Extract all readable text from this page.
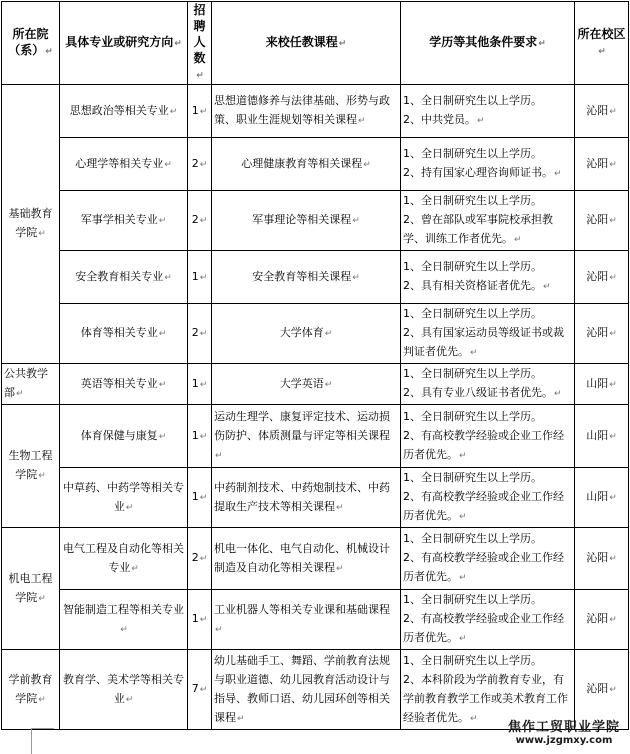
所在院（系）↵	具体专业或研究方向↵	招聘人数↵	来校任教课程↵	学历等其他条件要求↵	所在校区↵
基础教育学院↵	思想政治等相关专业↵	1↵	思想道德修养与法律基础、形势与政策、职业生涯规划等相关课程↵	1、全日制研究生以上学历。
2、中共党员。↵	沁阳↵
	心理学等相关专业↵	2↵	心理健康教育等相关课程↵	1、全日制研究生以上学历。
2、持有国家心理咨询师证书。↵	沁阳↵
	军事学相关专业↵	2↵	军事理论等相关课程↵	1、全日制研究生以上学历。
2、曾在部队或军事院校承担教学、训练工作者优先。↵	沁阳↵
	安全教育相关专业↵	1↵	安全教育等相关课程↵	1、全日制研究生以上学历。
2、具有相关资格证者优先。↵	沁阳↵
	体育等相关专业↵	2↵	大学体育↵	1、全日制研究生以上学历。
2、具有国家运动员等级证书或裁判证者优先。↵	沁阳↵
公共教学部↵	英语等相关专业↵	1↵	大学英语↵	1、全日制研究生以上学历。
2、具有专业八级证书者优先。↵	山阳↵
生物工程学院↵	体育保健与康复↵	1↵	运动生理学、康复评定技术、运动损伤防护、体质测量与评定等相关课程↵	1、全日制研究生以上学历。
2、有高校教学经验或企业工作经历者优先。↵	山阳↵
	中草药、中药学等相关专业↵	1↵	中药制剂技术、中药炮制技术、中药提取生产技术等相关课程↵	1、全日制研究生以上学历。
2、有高校教学经验或企业工作经历者优先。↵	山阳↵
机电工程学院↵	电气工程及自动化等相关专业↵	2↵	机电一体化、电气自动化、机械设计制造及自动化等相关课程↵	1、全日制研究生以上学历。
2、有高校教学经验或企业工作经历者优先。↵	沁阳↵
	智能制造工程等相关专业↵	1↵	工业机器人等相关专业课和基础课程↵	1、全日制研究生以上学历。
2、有高校教学经验或企业工作经历者优先。↵	沁阳↵
学前教育学院↵	教育学、美术学等相关专业↵	7↵	幼儿基础手工、舞蹈、学前教育法规与职业道德、幼儿园教育活动设计与指导、教师口语、幼儿园环创等相关课程↵	1、全日制研究生以上学历。
2、本科阶段为学前教育专业，有学前教育教学工作或美术教育工作经验者优先。↵	沁阳↵
焦作工贸职业学院
www.jzgmxy.com
